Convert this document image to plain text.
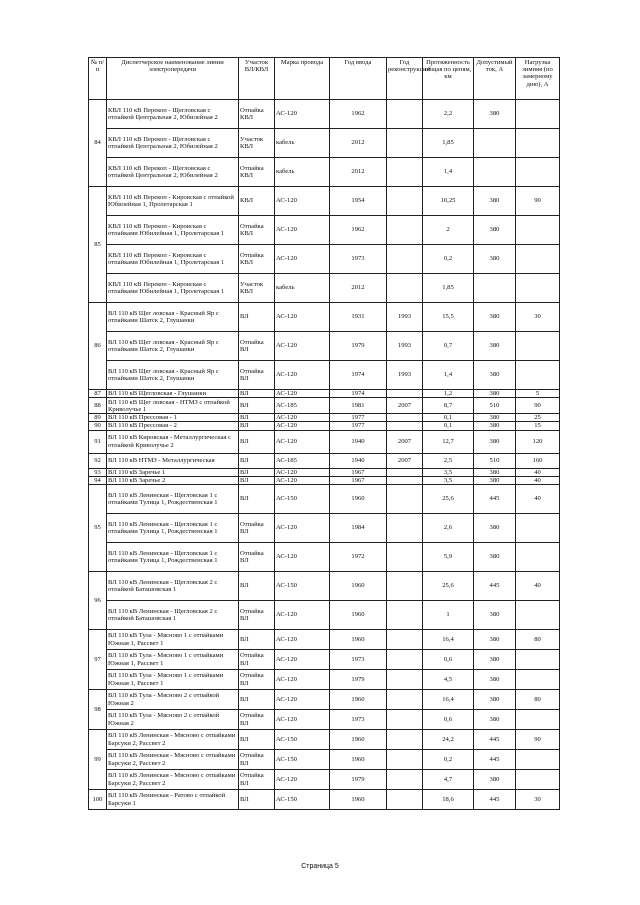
№ п/п	Диспетчерское наименование линии электропередачи	Участок ВЛ/КВЛ	Марка провода	Год ввода	Год реконструкции	Протяженность общая по цепям, км	Допустимый ток, А	Нагрузка зимняя (по замерному дню), А
84	КВЛ 110 кВ Перекоп - Щегловская с отпайкой Центральная 2, Юбилейная 2	Отпайка КВЛ	АС-120	1962		2,2	380	
	КВЛ 110 кВ Перекоп - Щегловская с отпайкой Центральная 2, Юбилейная 2	Участок КВЛ	кабель	2012		1,85		
	КВЛ 110 кВ Перекоп - Щегловская с отпайкой Центральная 2, Юбилейная 2	Отпайка КВЛ	кабель	2012		1,4		
85	КВЛ 110 кВ Перекоп - Кировская с отпайкой Юбилейная 1, Пролетарская 1	КВЛ	АС-120	1954		10,25	380	90
	КВЛ 110 кВ Перекоп - Кировская с отпайками Юбилейная 1, Пролетарская 1	Отпайка КВЛ	АС-120	1962		2	380	
	КВЛ 110 кВ Перекоп - Кировская с отпайками Юбилейная 1, Пролетарская 1	Отпайка КВЛ	АС-120	1973		0,2	380	
	КВЛ 110 кВ Перекоп - Кировская с отпайками Юбилейная 1, Пролетарская 1	Участок КВЛ	кабель	2012		1,85		
86	ВЛ 110 кВ Щег ловская - Красный Яр с отпайками Шатск 2, Глушанки	ВЛ	АС-120	1931	1993	15,5	380	30
	ВЛ 110 кВ Щег ловская - Красный Яр с отпайками Шатск 2, Глушанки	Отпайка ВЛ	АС-120	1979	1993	0,7	380	
	ВЛ 110 кВ Щег ловская - Красный Яр с отпайками Шатск 2, Глушанки	Отпайка ВЛ	АС-120	1974	1993	1,4	380	
87	ВЛ 110 кВ Щегловская - Глушанки	ВЛ	АС-120	1974		1,2	380	5
88	ВЛ 110 кВ Щег ловская - НТМЗ с отпайкой Криволучье 1	ВЛ	АС-185	1981	2007	8,7	510	90
89	ВЛ 110 кВ Прессовая - 1	ВЛ	АС-120	1977		0,1	380	25
90	ВЛ 110 кВ Прессовая - 2	ВЛ	АС-120	1977		0,1	380	15
91	ВЛ 110 кВ Кировская - Металлургическая с отпайкой Криволучье 2	ВЛ	АС-120	1940	2007	12,7	380	120
92	ВЛ 110 кВ НТМЗ - Металлургическая	ВЛ	АС-185	1940	2007	2,5	510	160
93	ВЛ 110 кВ Заречье 1	ВЛ	АС-120	1967		3,5	380	40
94	ВЛ 110 кВ Заречье 2	ВЛ	АС-120	1967		3,5	380	40
95	ВЛ 110 кВ Ленинская - Щегловская 1 с отпайками Тулица 1, Рождественская 1	ВЛ	АС-150	1960		25,6	445	40
	ВЛ 110 кВ Ленинская - Щегловская 1 с отпайками Тулица 1, Рождественская 1	Отпайка ВЛ	АС-120	1984		2,6	380	
	ВЛ 110 кВ Ленинская - Щегловская 1 с отпайками Тулица 1, Рождественская 1	Отпайка ВЛ	АС-120	1972		5,9	380	
96	ВЛ 110 кВ Ленинская - Щегловская 2 с отпайкой Баташовская 1	ВЛ	АС-150	1960		25,6	445	40
	ВЛ 110 кВ Ленинская - Щегловская 2 с отпайкой Баташовская 1	Отпайка ВЛ	АС-120	1960		1	380	
97	ВЛ 110 кВ Тула - Мясново 1 с отпайками Южная 1, Рассвет 1	ВЛ	АС-120	1960		16,4	380	80
	ВЛ 110 кВ Тула - Мясново 1 с отпайками Южная 1, Рассвет 1	Отпайка ВЛ	АС-120	1973		0,6	380	
	ВЛ 110 кВ Тула - Мясново 1 с отпайками Южная 1, Рассвет 1	Отпайка ВЛ	АС-120	1979		4,5	380	
98	ВЛ 110 кВ Тула - Мясново 2 с отпайкой Южная 2	ВЛ	АС-120	1960		16,4	380	80
	ВЛ 110 кВ Тула - Мясново 2 с отпайкой Южная 2	Отпайка ВЛ	АС-120	1973		0,6	380	
99	ВЛ 110 кВ Ленинская - Мясново с отпайками Барсуки 2, Рассвет 2	ВЛ	АС-150	1960		24,2	445	90
	ВЛ 110 кВ Ленинская - Мясново с отпайками Барсуки 2, Рассвет 2	Отпайка ВЛ	АС-150	1960		0,2	445	
	ВЛ 110 кВ Ленинская - Мясново с отпайками Барсуки 2, Рассвет 2	Отпайка ВЛ	АС-120	1979		4,7	380	
100	ВЛ 110 кВ Ленинская - Ратово с отпайкой Барсуки 1	ВЛ	АС-150	1960		18,6	445	30
Страница 5
